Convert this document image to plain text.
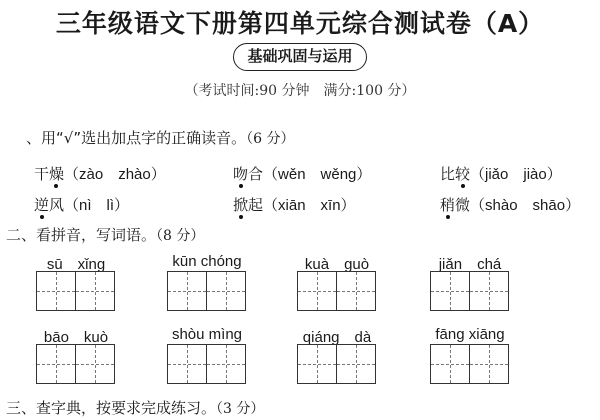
三年级语文下册第四单元综合测试卷（A）
基础巩固与运用
（考试时间:90 分钟　满分:100 分）
、用“√”选出加点字的正确读音。（6 分）
干燥（zào　zhào）	吻合（wěn　wěng）	比较（jiǎo　jiào）
逆风（nì　lì）	掀起（xiān　xīn）	稍微（shào　shāo）
二、看拼音，写词语。（8 分）
sū　xǐng	kūn chóng	kuà　guò	jiǎn　chá
bāo　kuò	shòu mìng	qiáng　dà	fāng xiāng
三、查字典，按要求完成练习。（3 分）
